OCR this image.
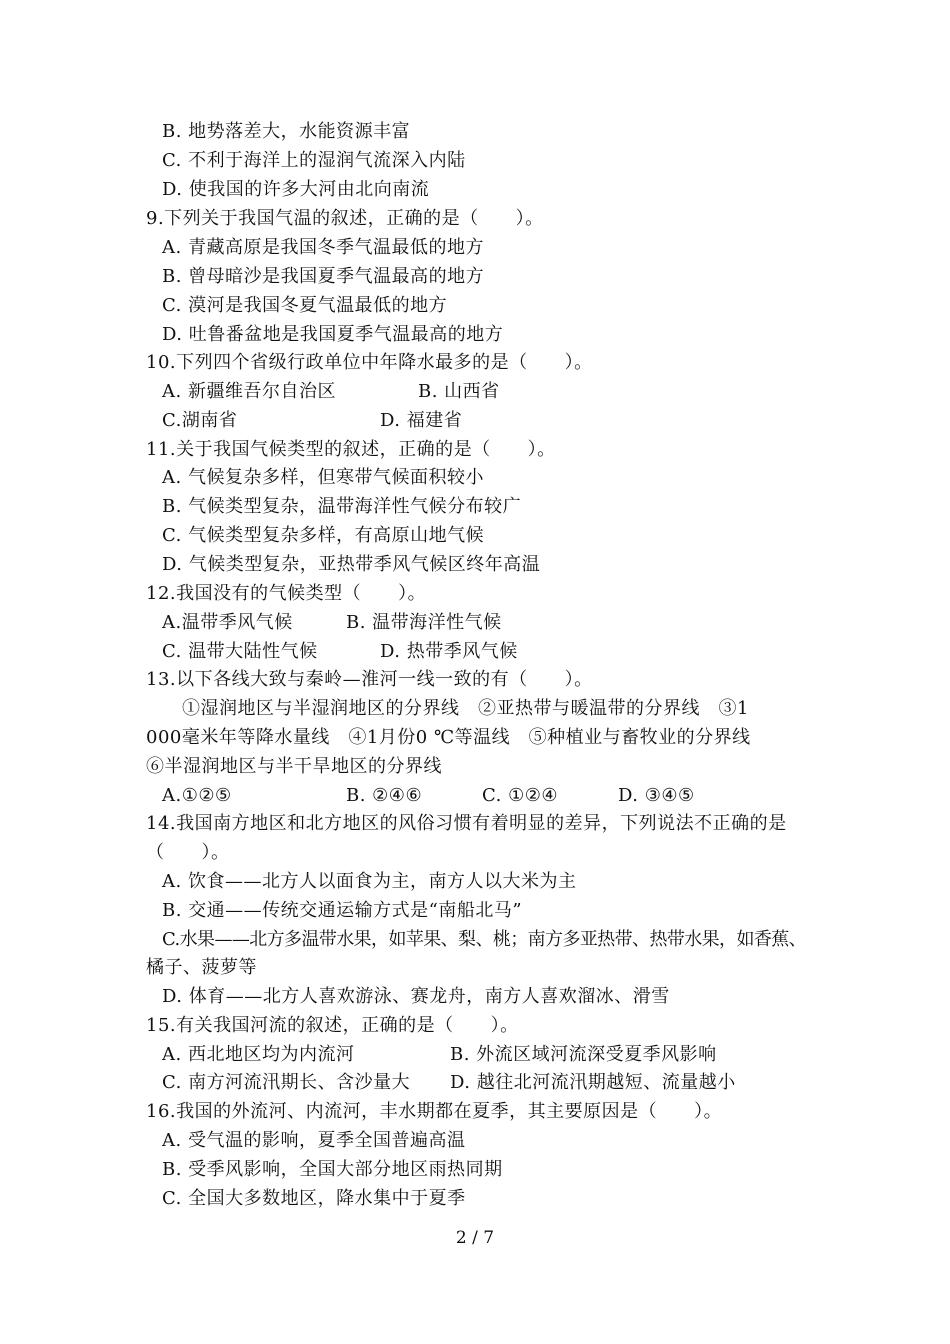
B. 地势落差大，水能资源丰富
C. 不利于海洋上的湿润气流深入内陆
D. 使我国的许多大河由北向南流
9.下列关于我国气温的叙述，正确的是（　　）。
A. 青藏高原是我国冬季气温最低的地方
B. 曾母暗沙是我国夏季气温最高的地方
C. 漠河是我国冬夏气温最低的地方
D. 吐鲁番盆地是我国夏季气温最高的地方
10.下列四个省级行政单位中年降水最多的是（　　）。
A. 新疆维吾尔自治区	B. 山西省
C.湖南省	D. 福建省
11.关于我国气候类型的叙述，正确的是（　　）。
A. 气候复杂多样，但寒带气候面积较小
B. 气候类型复杂，温带海洋性气候分布较广
C. 气候类型复杂多样，有高原山地气候
D. 气候类型复杂，亚热带季风气候区终年高温
12.我国没有的气候类型（　　）。
A.温带季风气候	B. 温带海洋性气候
C. 温带大陆性气候	D. 热带季风气候
13.以下各线大致与秦岭—淮河一线一致的有（　　）。
①湿润地区与半湿润地区的分界线　②亚热带与暖温带的分界线　③1
000毫米年等降水量线　④1月份0 ℃等温线　⑤种植业与畜牧业的分界线
⑥半湿润地区与半干旱地区的分界线
A.①②⑤	B. ②④⑥	C. ①②④	D. ③④⑤
14.我国南方地区和北方地区的风俗习惯有着明显的差异，下列说法不正确的是
（　　）。
A. 饮食——北方人以面食为主，南方人以大米为主
B. 交通——传统交通运输方式是“南船北马”
C.水果——北方多温带水果，如苹果、梨、桃；南方多亚热带、热带水果，如香蕉、
橘子、菠萝等
D. 体育——北方人喜欢游泳、赛龙舟，南方人喜欢溜冰、滑雪
15.有关我国河流的叙述，正确的是（　　）。
A. 西北地区均为内流河	B. 外流区域河流深受夏季风影响
C. 南方河流汛期长、含沙量大 D. 越往北河流汛期越短、流量越小
16.我国的外流河、内流河，丰水期都在夏季，其主要原因是（　　）。
A. 受气温的影响，夏季全国普遍高温
B. 受季风影响，全国大部分地区雨热同期
C. 全国大多数地区，降水集中于夏季
2 / 7
